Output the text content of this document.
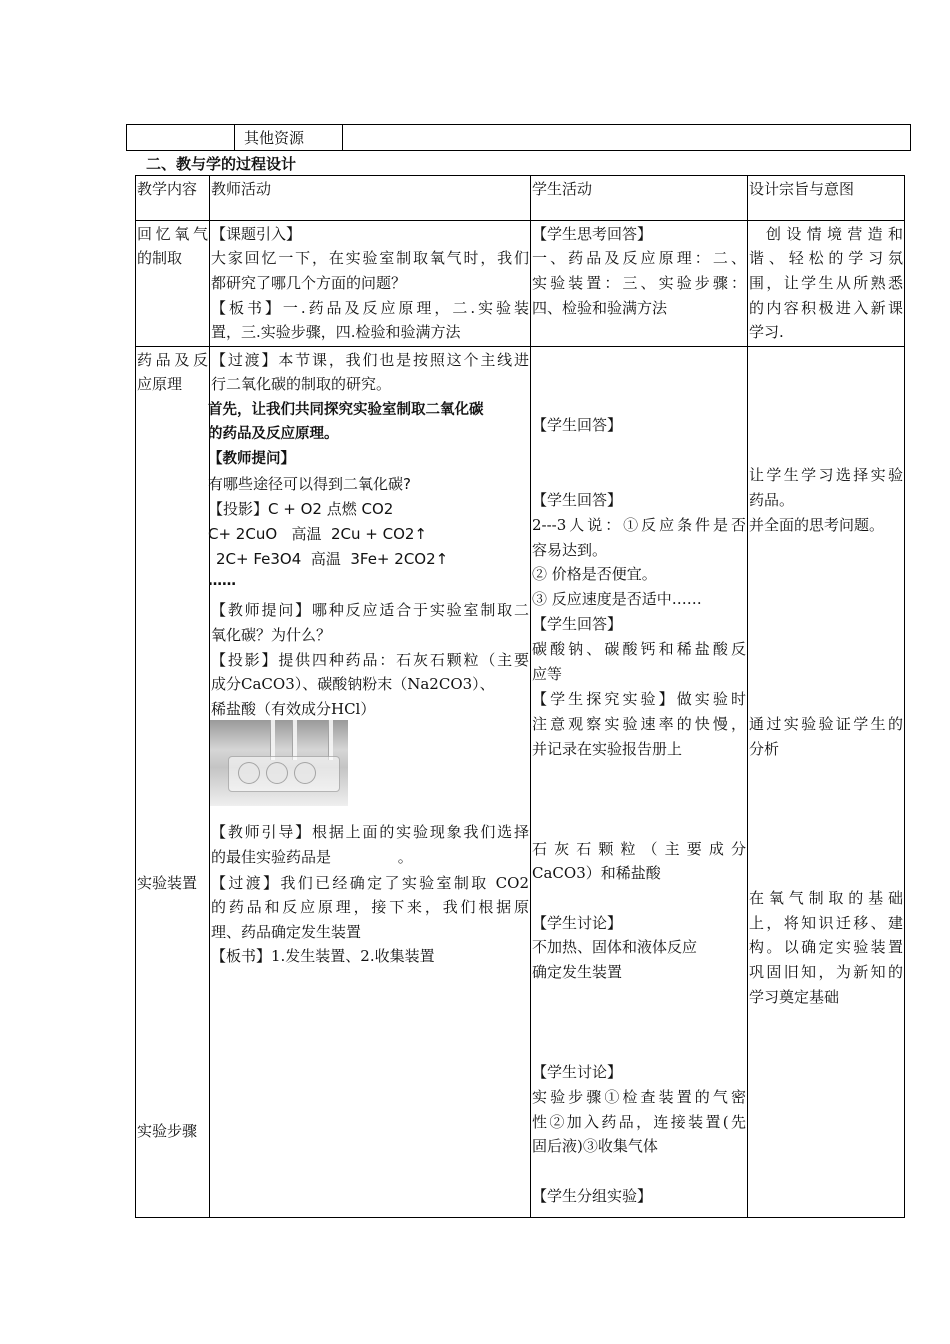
其他资源
二、教与学的过程设计
教学内容 教师活动	学生活动	设计宗旨与意图
回忆氧气
的制取
【课题引入】
大家回忆一下，在实验室制取氧气时，我们
都研究了哪几个方面的问题？
【板书】一.药品及反应原理，二.实验装
置，三.实验步骤，四.检验和验满方法
【学生思考回答】
一、药品及反应原理：二、
实验装置：三、实验步骤：
四、检验和验满方法
创设情境营造和
谐、轻松的学习氛
围，让学生从所熟悉
的内容积极进入新课
学习.
药品及反
应原理
实验装置
实验步骤
【过渡】本节课，我们也是按照这个主线进
行二氧化碳的制取的研究。
首先，让我们共同探究实验室制取二氧化碳
的药品及反应原理。
【教师提问】
有哪些途径可以得到二氧化碳?
【投影】C + O2 点燃 CO2
C+ 2CuO   高温  2Cu + CO2↑
2C+ Fe3O4  高温  3Fe+ 2CO2↑
……
【教师提问】哪种反应适合于实验室制取二
氧化碳？为什么？
【投影】提供四种药品：石灰石颗粒（主要
成分CaCO3）、碳酸钠粉末（Na2CO3）、
稀盐酸（有效成分HCl）
【教师引导】根据上面的实验现象我们选择
的最佳实验药品是              。
【过渡】我们已经确定了实验室制取 CO2
的药品和反应原理，接下来，我们根据原
理、药品确定发生装置
【板书】1.发生装置、2.收集装置
【学生回答】
【学生回答】
2---3人说：①反应条件是否
容易达到。
② 价格是否便宜。
③ 反应速度是否适中……
【学生回答】
碳酸钠、碳酸钙和稀盐酸反
应等
【学生探究实验】做实验时
注意观察实验速率的快慢，
并记录在实验报告册上
石灰石颗粒（主要成分
CaCO3）和稀盐酸
【学生讨论】
不加热、固体和液体反应
确定发生装置
【学生讨论】
实验步骤①检查装置的气密
性②加入药品，连接装置(先
固后液)③收集气体
【学生分组实验】
让学生学习选择实验
药品。
并全面的思考问题。
通过实验验证学生的
分析
在氧气制取的基础
上，将知识迁移、建
构。以确定实验装置
巩固旧知，为新知的
学习奠定基础
